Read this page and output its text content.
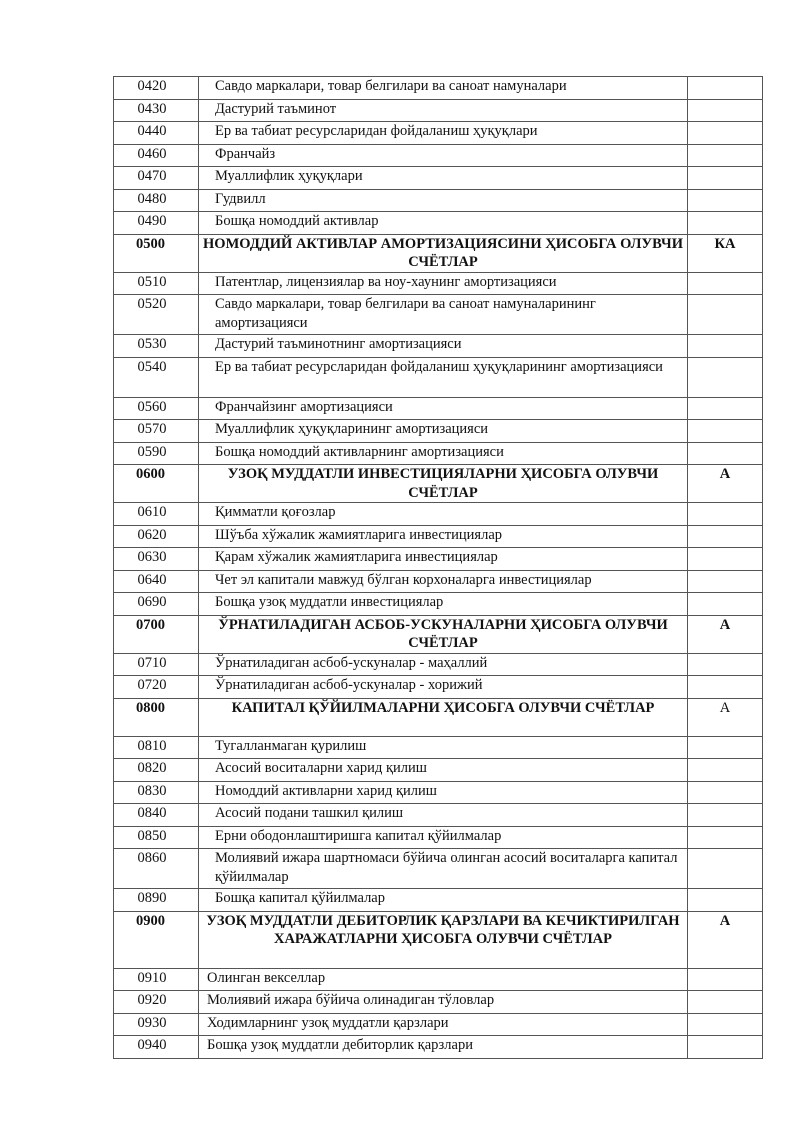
0420	Савдо маркалари, товар белгилари ва саноат намуналари	
0430	Дастурий таъминот	
0440	Ер ва табиат ресурсларидан фойдаланиш ҳуқуқлари	
0460	Франчайз	
0470	Муаллифлик ҳуқуқлари	
0480	Гудвилл	
0490	Бошқа номоддий активлар	
0500	НОМОДДИЙ АКТИВЛАР АМОРТИЗАЦИЯСИНИ ҲИСОБГА ОЛУВЧИ СЧЁТЛАР	КА
0510	Патентлар, лицензиялар ва ноу-хаунинг амортизацияси	
0520	Савдо маркалари, товар белгилари ва саноат намуналарининг амортизацияси	
0530	Дастурий таъминотнинг амортизацияси	
0540	Ер ва табиат ресурсларидан фойдаланиш ҳуқуқларининг амортизацияси	
0560	Франчайзинг амортизацияси	
0570	Муаллифлик ҳуқуқларининг амортизацияси	
0590	Бошқа номоддий активларнинг амортизацияси	
0600	УЗОҚ МУДДАТЛИ ИНВЕСТИЦИЯЛАРНИ ҲИСОБГА ОЛУВЧИ СЧЁТЛАР	А
0610	Қимматли қоғозлар	
0620	Шўъба хўжалик жамиятларига инвестициялар	
0630	Қарам хўжалик жамиятларига инвестициялар	
0640	Чет эл капитали мавжуд бўлган корхоналарга инвестициялар	
0690	Бошқа узоқ муддатли инвестициялар	
0700	ЎРНАТИЛАДИГАН АСБОБ-УСКУНАЛАРНИ ҲИСОБГА ОЛУВЧИ СЧЁТЛАР	А
0710	Ўрнатиладиган асбоб-ускуналар - маҳаллий	
0720	Ўрнатиладиган асбоб-ускуналар - хорижий	
0800	КАПИТАЛ ҚЎЙИЛМАЛАРНИ ҲИСОБГА ОЛУВЧИ СЧЁТЛАР	А
0810	Тугалланмаган қурилиш	
0820	Асосий воситаларни харид қилиш	
0830	Номоддий активларни харид қилиш	
0840	Асосий подани ташкил қилиш	
0850	Ерни ободонлаштиришга капитал қўйилмалар	
0860	Молиявий ижара шартномаси бўйича олинган асосий воситаларга капитал қўйилмалар	
0890	Бошқа капитал қўйилмалар	
0900	УЗОҚ МУДДАТЛИ ДЕБИТОРЛИК ҚАРЗЛАРИ ВА КЕЧИКТИРИЛГАН ХАРАЖАТЛАРНИ ҲИСОБГА ОЛУВЧИ СЧЁТЛАР	А
0910	Олинган векселлар	
0920	Молиявий ижара бўйича олинадиган тўловлар	
0930	Ходимларнинг узоқ муддатли қарзлари	
0940	Бошқа узоқ муддатли дебиторлик қарзлари	
